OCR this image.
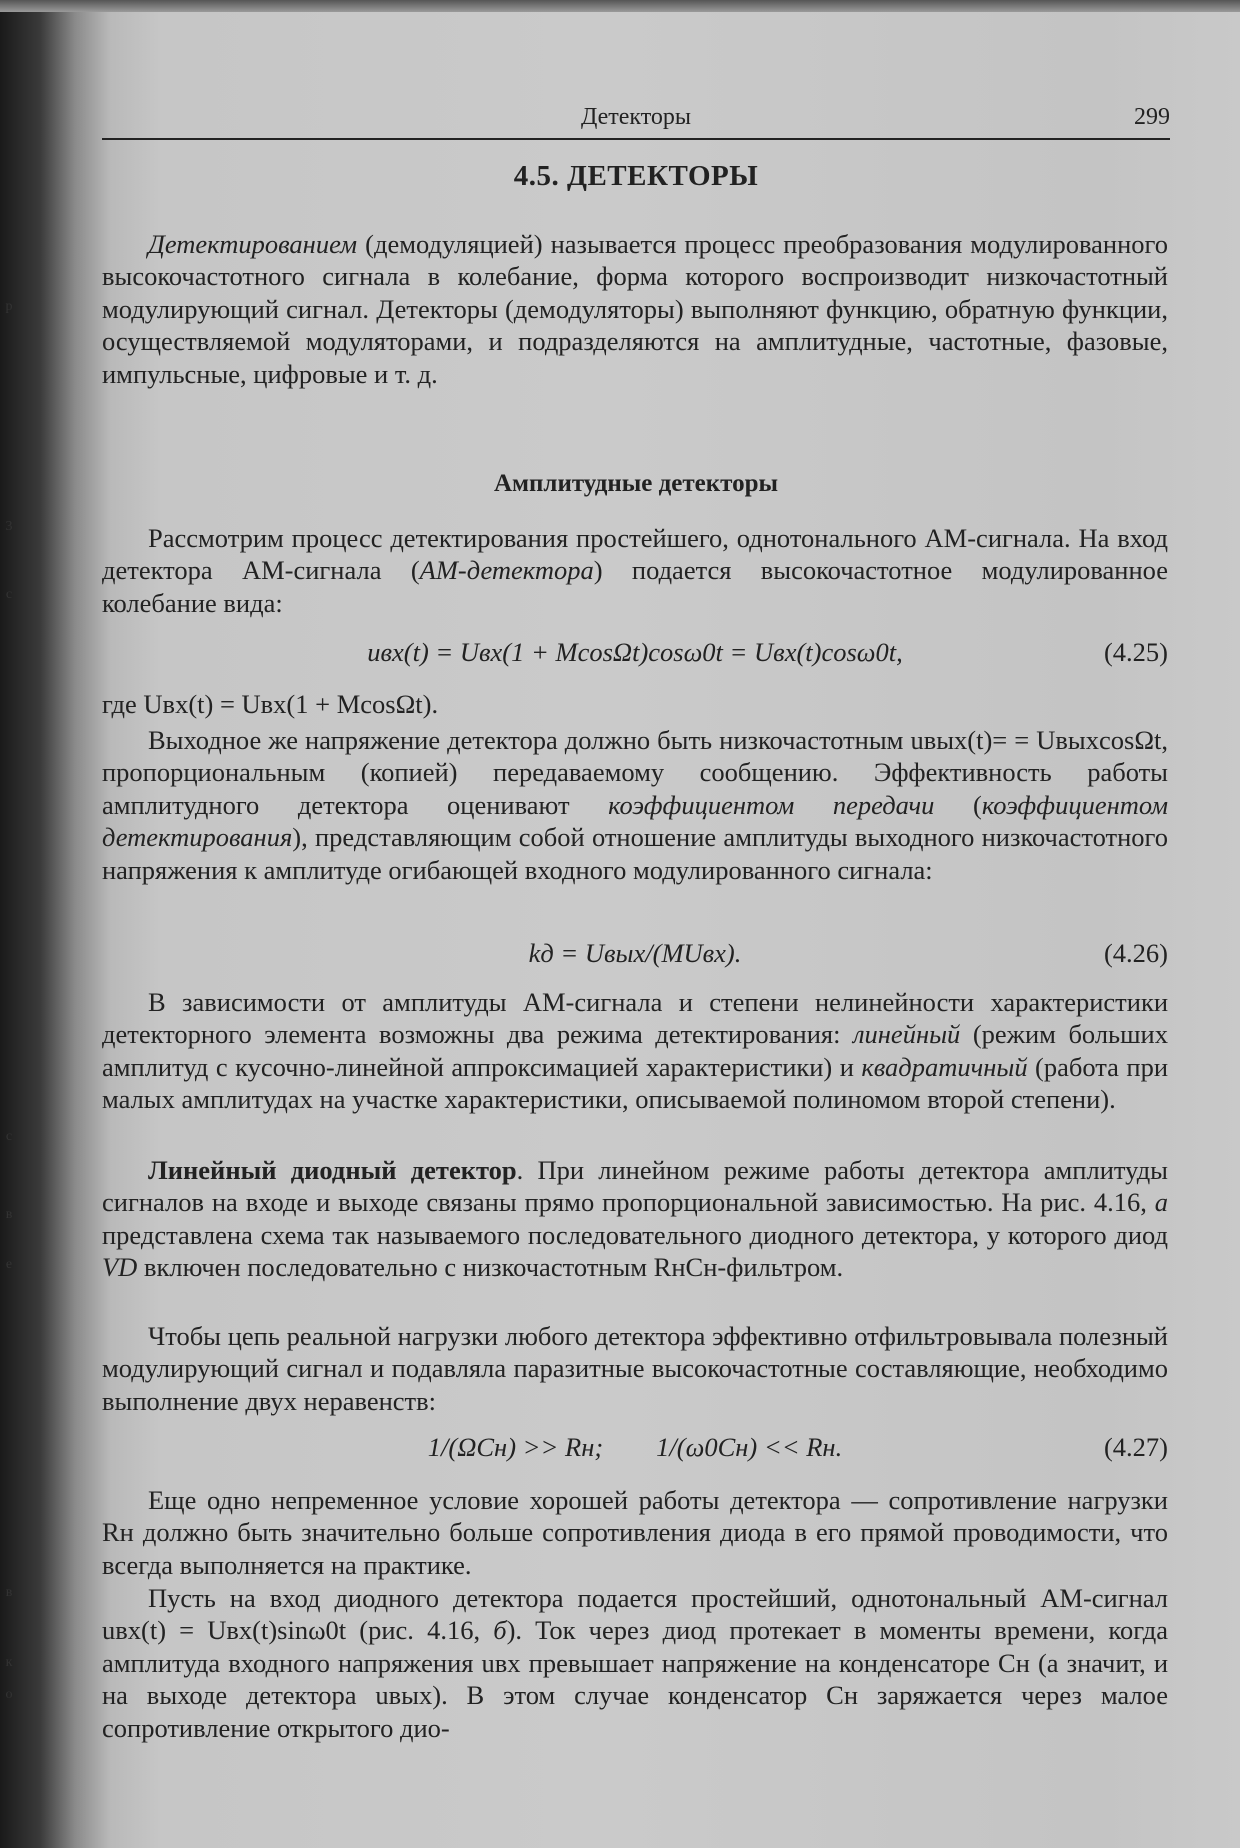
р
3
с
с
в
е
в
к
о
Детекторы	299
4.5. ДЕТЕКТОРЫ

Детектированием (демодуляцией) называется процесс преобразования модулированного высокочастотного сигнала в колебание, форма которого воспроизводит низкочастотный модулирующий сигнал. Детекторы (демодуляторы) выполняют функцию, обратную функции, осуществляемой модуляторами, и подразделяются на амплитудные, частотные, фазовые, импульсные, цифровые и т. д.

Амплитудные детекторы

Рассмотрим процесс детектирования простейшего, однотонального АМ-сигнала. На вход детектора АМ-сигнала (АМ-детектора) подается высокочастотное модулированное колебание вида:

uвх(t) = Uвх(1 + MсosΩt)cosω0t = Uвх(t)cosω0t,	(4.25)

где Uвх(t) = Uвх(1 + MсosΩt).

Выходное же напряжение детектора должно быть низкочастотным uвых(t)= = UвыхcosΩt, пропорциональным (копией) передаваемому сообщению. Эффективность работы амплитудного детектора оценивают коэффициентом передачи (коэффициентом детектирования), представляющим собой отношение амплитуды выходного низкочастотного напряжения к амплитуде огибающей входного модулированного сигнала:

kд = Uвых/(MUвх).	(4.26)

В зависимости от амплитуды АМ-сигнала и степени нелинейности характеристики детекторного элемента возможны два режима детектирования: линейный (режим больших амплитуд с кусочно-линейной аппроксимацией характеристики) и квадратичный (работа при малых амплитудах на участке характеристики, описываемой полиномом второй степени).

Линейный диодный детектор. При линейном режиме работы детектора амплитуды сигналов на входе и выходе связаны прямо пропорциональной зависимостью. На рис. 4.16, а представлена схема так называемого последовательного диодного детектора, у которого диод VD включен последовательно с низкочастотным RнCн-фильтром.

Чтобы цепь реальной нагрузки любого детектора эффективно отфильтровывала полезный модулирующий сигнал и подавляла паразитные высокочастотные составляющие, необходимо выполнение двух неравенств:

1/(ΩCн) >> Rн;        1/(ω0Cн) << Rн.	(4.27)

Еще одно непременное условие хорошей работы детектора — сопротивление нагрузки Rн должно быть значительно больше сопротивления диода в его прямой проводимости, что всегда выполняется на практике.

Пусть на вход диодного детектора подается простейший, однотональный АМ-сигнал uвх(t) = Uвх(t)sinω0t (рис. 4.16, б). Ток через диод протекает в моменты времени, когда амплитуда входного напряжения uвх превышает напряжение на конденсаторе Cн (а значит, и на выходе детектора uвых). В этом случае конденсатор Cн заряжается через малое сопротивление открытого дио-
